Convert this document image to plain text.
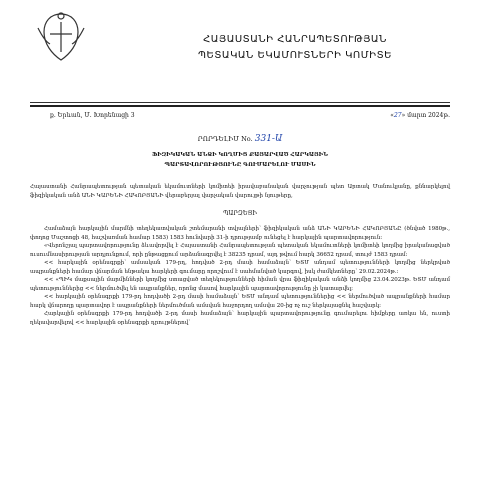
ՀԱՅԱՍՏԱՆԻ ՀԱՆՐԱՊԵՏՈՒԹՅԱՆ
ՊԵՏԱԿԱՆ ԵԿԱՄՈՒՏՆԵՐԻ ԿՈՄԻՏԵ
ք. Երևան, Մ. Խորենացի 3	«27» մարտ 2024թ.
ՐՈՐԴԵԼԻՄ No. 331-Ա
ՖԻԶԻԿԱԿԱՆ ԱՆՁԻ ԿՈՂՄԻՑ ՔԱՅԱՐՎԱԾ ՀԱՐԿԱՅԻՆ
ՊԱՐՏԱՎՈՐՈՒԹՅՈՒՆԸ ԳՈՒՄԱՐԵԼՈՒ ՄԱՍԻՆ
Հայաստանի Հանրապետության պետական եկամուտների կոմիտեի իրավաբանական վարչության պետ Արտակ Մանուկյանը, քննարկելով ֆիզիկական անձ ԱՆԻ ԿԱՐԵՆԻ ՀԱԿՈԲՅԱՆԻ վերաբերյալ վարչական վարույթի նյութերը,
ՊԱՐԶԵՑԻ

Համաձայն հարկային մարմնի տեղեկատվական շտեմարանի տվյալների՝ ֆիզիկական անձ ԱՆԻ ԿԱՐԵՆԻ ՀԱԿՈԲՅԱՆԸ (ծնված 1980թ., փողոց Մաշտոցի 48, հաշվառման համար 1583) 1583 հունվարի 31-ի դրությամբ ունեցել է հարկային պարտավորություն:

«Վերոնշյալ պարտավորությունը ձևավորվել է Հայաստանի Հանրապետության պետական եկամուտների կոմիտեի կողմից իրականացված ուսումնասիրության արդյունքում, որի ընթացքում արձանագրվել է 38235 դրամ, այդ թվում հարկ 36652 դրամ, տույժ 1583 դրամ:

<< հարկային օրենսգրքի՝ ամսական 179-րդ, հոդված 2-րդ մասի համաձայն՝ ԵՏՄ անդամ պետությունների կողմից ներկրված ապրանքների համար վճարման ենթակա հարկերի գումարը որոշվում է սահմանված կարգով, իսկ ժամկետները՝ 29.02.2024թ.:

<< «ՊԻԿ մաքսային մարմինների կողմից ստացված տեղեկությունների հիման վրա ֆիզիկական անձի կողմից 23.04.2023թ. ԵՏՄ անդամ պետություններից << ներմուծվել են ապրանքներ, որոնց մասով հարկային պարտավորությունը չի կատարվել:

<< հարկային օրենսգրքի 179-րդ հոդվածի 2-րդ մասի համաձայն՝ ԵՏՄ անդամ պետություններից << ներմուծված ապրանքների համար հարկ վճարողը պարտավոր է ապրանքների ներմուծման ամսվան հաջորդող ամսվա 20-ից ոչ ուշ ներկայացնել հաշվարկ:

Հարկային օրենսգրքի 179-րդ հոդվածի 2-րդ մասի համաձայն՝ հարկային պարտավորությունը գումարելու հիմքերը առկա են, ուստի ղեկավարվելով << հարկային օրենսգրքի դրույթներով՝
